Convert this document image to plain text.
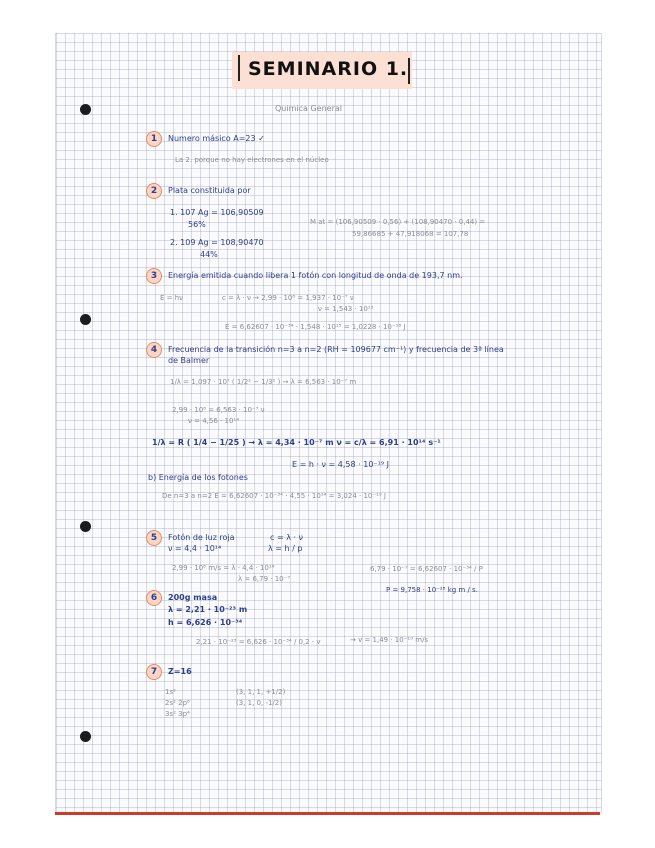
SEMINARIO 1.
Quimica General
1	Numero másico A=23 ✓
La 2. porque no hay electrones en el núcleo
2	Plata constituida por
1. 107 Ag = 106,90509
56%
2. 109 Ag = 108,90470
44%
M at = (106,90509 · 0,56) + (108,90470 · 0,44) =
59,86685 + 47,918068 = 107,78
3	Energía emitida cuando libera 1 fotón con longitud de onda de 193,7 nm.
E = hν	c = λ · ν → 2,99 · 10⁸ = 1,937 · 10⁻⁷ ν
ν = 1,543 · 10¹⁵
E = 6,62607 · 10⁻³⁴ · 1,548 · 10¹⁵ = 1,0228 · 10⁻¹⁸ J
4	Frecuencia de la transición n=3 a n=2 (RH = 109677 cm⁻¹) y frecuencia de 3ª línea
de Balmer
1/λ = 1,097 · 10⁷ ( 1/2² − 1/3² ) → λ = 6,563 · 10⁻⁷ m
2,99 · 10⁸ = 6,563 · 10⁻⁷ ν
ν = 4,56 · 10¹⁴
1/λ = R ( 1/4 − 1/25 ) → λ = 4,34 · 10⁻⁷ m ν = c/λ = 6,91 · 10¹⁴ s⁻¹
E = h · ν = 4,58 · 10⁻¹⁹ J
b) Energía de los fotones
De n=3 a n=2 E = 6,62607 · 10⁻³⁴ · 4,55 · 10¹⁴ = 3,024 · 10⁻¹⁹ J
5	Fotón de luz roja	c = λ · ν
ν = 4,4 · 10¹⁴	λ = h / p
2,99 · 10⁸ m/s = λ · 4,4 · 10¹⁴
λ = 6,79 · 10⁻⁷
6,79 · 10⁻⁷ = 6,62607 · 10⁻³⁴ / P
P = 9,758 · 10⁻²⁸ kg m / s.
6	200g masa
λ = 2,21 · 10⁻²³ m
h = 6,626 · 10⁻³⁴
2,21 · 10⁻²³ = 6,626 · 10⁻³⁴ / 0,2 · v	→ v = 1,49 · 10⁻¹⁰ m/s
7	Z=16
1s²
2s² 2p⁶
3s² 3p⁴
(3, 1, 1, +1/2)
(3, 1, 0, -1/2)
